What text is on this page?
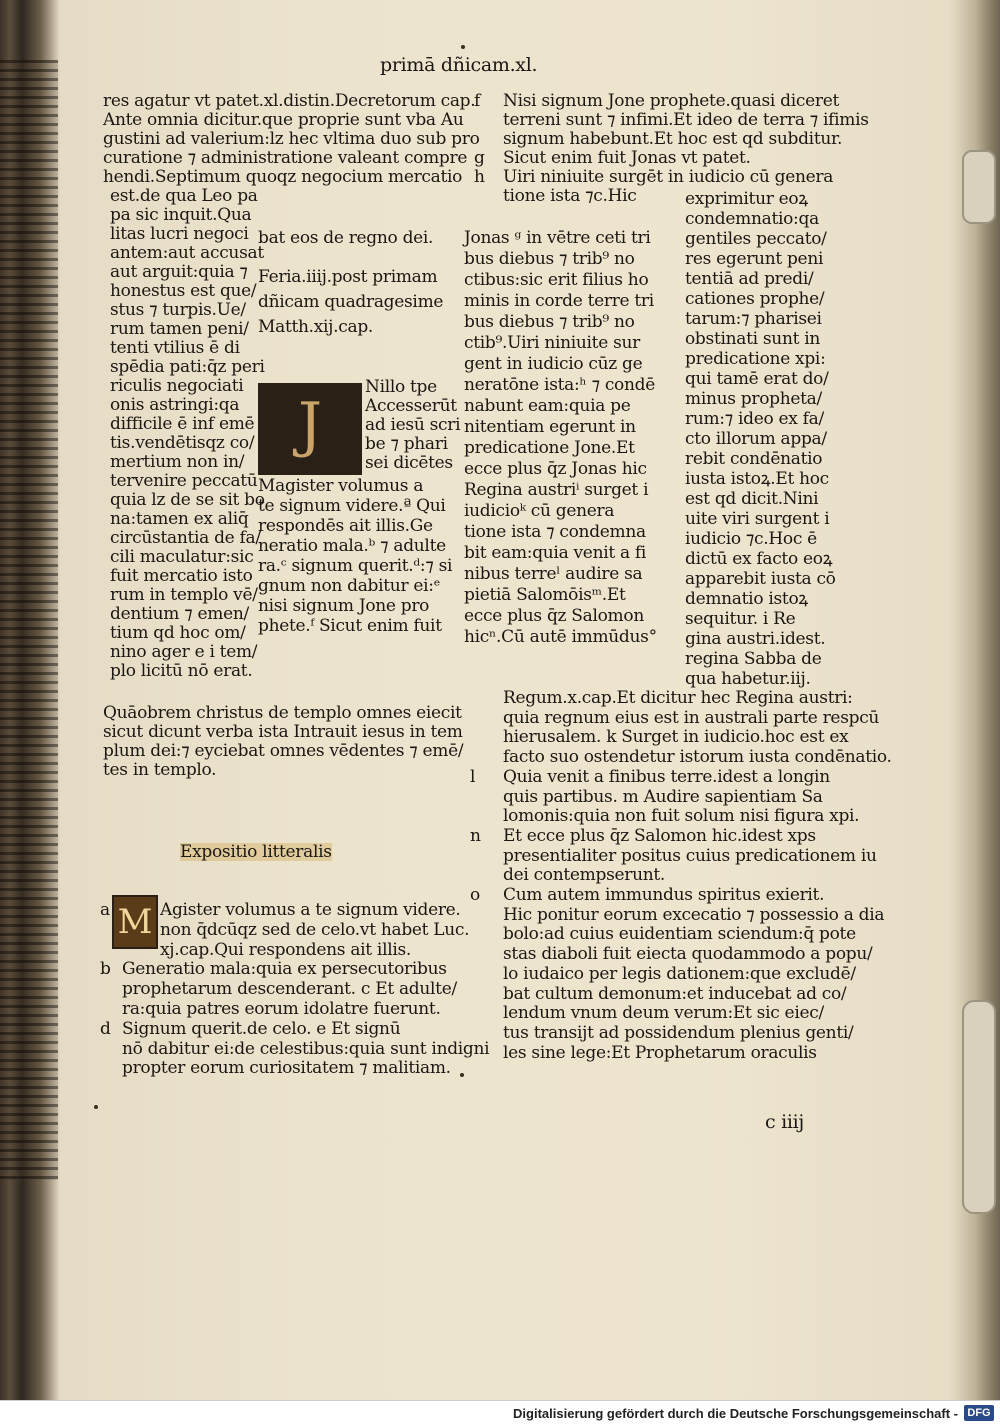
primā dñicam.xl.
J
M
bat eos de regno dei.
Expositio litteralis
res agatur vt patet.xl.distin.Decretorum cap.
Ante omnia dicitur.que proprie sunt vba Au
gustini ad valerium:lz hec vltima duo sub pro
curatione ⁊ administratione valeant compre
hendi.Septimum quoqz negocium mercatio
est.de qua Leo pa
pa sic inquit.Qua
litas lucri negoci
antem:aut accusat
aut arguit:quia ⁊
honestus est que/
stus ⁊ turpis.Ue/
rum tamen peni/
tenti vtilius ē di
spēdia pati:q̄z peri
riculis negociati
onis astringi:qa
difficile ē inf emē
tis.vendētisqz co/
mertium non in/
tervenire peccatū
quia lz de se sit bo
na:tamen ex aliq̄
circūstantia de fa/
cili maculatur:sic
fuit mercatio isto
rum in templo vē/
dentium ⁊ emen/
tium qd hoc om/
nino ager e i tem/
plo licitū nō erat.
Quāobrem christus de templo omnes eiecit
sicut dicunt verba ista Intrauit iesus in tem
plum dei:⁊ eyciebat omnes vēdentes ⁊ emē/
tes in templo.
Feria.iiij.post primam
dñicam quadragesime
Matth.xij.cap.
Nillo tpe
Accesserūt
ad iesū scri
be ⁊ phari
sei dicētes
Magister volumus a
te signum videre.ª Qui
respondēs ait illis.Ge
neratio mala.ᵇ ⁊ adulte
ra.ᶜ signum querit.ᵈ:⁊ si
gnum non dabitur ei:ᵉ
nisi signum Jone pro
phete.ᶠ Sicut enim fuit
f Nisi signum Jone prophete.quasi diceret
terreni sunt ⁊ infimi.Et ideo de terra ⁊ ifimis
signum habebunt.Et hoc est qd subditur.
g Sicut enim fuit Jonas vt patet.
h Uiri niniuite surgēt in iudicio cū genera
tione ista ⁊c.Hic
Jonas ᵍ in vētre ceti tri
bus diebus ⁊ trib⁹ no
ctibus:sic erit filius ho
minis in corde terre tri
bus diebus ⁊ trib⁹ no
ctib⁹.Uiri niniuite sur
gent in iudicio cūz ge
neratōne ista:ʰ ⁊ condē
nabunt eam:quia pe
nitentiam egerunt in
predicatione Jone.Et
ecce plus q̄z Jonas hic
Regina austriⁱ surget i
iudicioᵏ cū genera
tione ista ⁊ condemna
bit eam:quia venit a fi
nibus terreˡ audire sa
pietiā Salomōisᵐ.Et
ecce plus q̄z Salomon
hicⁿ.Cū autē immūdus°
exprimitur eoꝝ
condemnatio:qa
gentiles peccato/
res egerunt peni
tentiā ad predi/
cationes prophe/
tarum:⁊ pharisei
obstinati sunt in
predicatione xpi:
qui tamē erat do/
minus propheta/
rum:⁊ ideo ex fa/
cto illorum appa/
rebit condēnatio
iusta istoꝝ.Et hoc
est qd dicit.Nini
uite viri surgent i
iudicio ⁊c.Hoc ē
dictū ex facto eoꝝ
apparebit iusta cō
demnatio istoꝝ
sequitur. i Re
gina austri.idest.
regina Sabba de
qua habetur.iij.
Regum.x.cap.Et dicitur hec Regina austri:
quia regnum eius est in australi parte respcū
hierusalem. k Surget in iudicio.hoc est ex
facto suo ostendetur istorum iusta condēnatio.
l Quia venit a finibus terre.idest a longin
quis partibus. m Audire sapientiam Sa
lomonis:quia non fuit solum nisi figura xpi.
n Et ecce plus q̄z Salomon hic.idest xps
presentialiter positus cuius predicationem iu
dei contempserunt.
o Cum autem immundus spiritus exierit.
Hic ponitur eorum excecatio ⁊ possessio a dia
bolo:ad cuius euidentiam sciendum:q̄ pote
stas diaboli fuit eiecta quodammodo a popu/
lo iudaico per legis dationem:que excludē/
bat cultum demonum:et inducebat ad co/
lendum vnum deum verum:Et sic eiec/
tus transijt ad possidendum plenius genti/
les sine lege:Et Prophetarum oraculis
a	Agister volumus a te signum videre.
non q̄dcūqz sed de celo.vt habet Luc.
xj.cap.Qui respondens ait illis.
b Generatio mala:quia ex persecutoribus
prophetarum descenderant. c Et adulte/
ra:quia patres eorum idolatre fuerunt.
d Signum querit.de celo. e Et signū
nō dabitur ei:de celestibus:quia sunt indigni
propter eorum curiositatem ⁊ malitiam.
c iiij
Digitalisierung gefördert durch die Deutsche Forschungsgemeinschaft - DFG
